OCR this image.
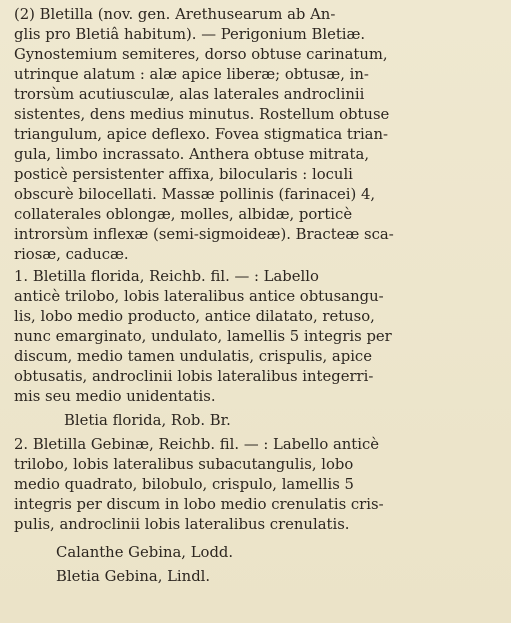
(2) Bletilla (nov. gen. Arethusearum ab An-
glis pro Bletiâ habitum). — Perigonium Bletiæ.
Gynostemium semiteres, dorso obtuse carinatum,
utrinque alatum : alæ apice liberæ; obtusæ, in-
trorsùm acutiusculæ, alas laterales androclinii
sistentes, dens medius minutus. Rostellum obtuse
triangulum, apice deflexo. Fovea stigmatica trian-
gula, limbo incrassato. Anthera obtuse mitrata,
posticè persistenter affixa, bilocularis : loculi
obscurè bilocellati. Massæ pollinis (farinacei) 4,
collaterales oblongæ, molles, albidæ, porticè
introrsùm inflexæ (semi-sigmoideæ). Bracteæ sca-
riosæ, caducæ.
1. Bletilla florida, Reichb. fil. — : Labello
anticè trilobo, lobis lateralibus antice obtusangu-
lis, lobo medio producto, antice dilatato, retuso,
nunc emarginato, undulato, lamellis 5 integris per
discum, medio tamen undulatis, crispulis, apice
obtusatis, androclinii lobis lateralibus integerri-
mis seu medio unidentatis.
Bletia florida, Rob. Br.
2. Bletilla Gebinæ, Reichb. fil. — : Labello anticè
trilobo, lobis lateralibus subacutangulis, lobo
medio quadrato, bilobulo, crispulo, lamellis 5
integris per discum in lobo medio crenulatis cris-
pulis, androclinii lobis lateralibus crenulatis.
Calanthe Gebina, Lodd.
Bletia Gebina, Lindl.
